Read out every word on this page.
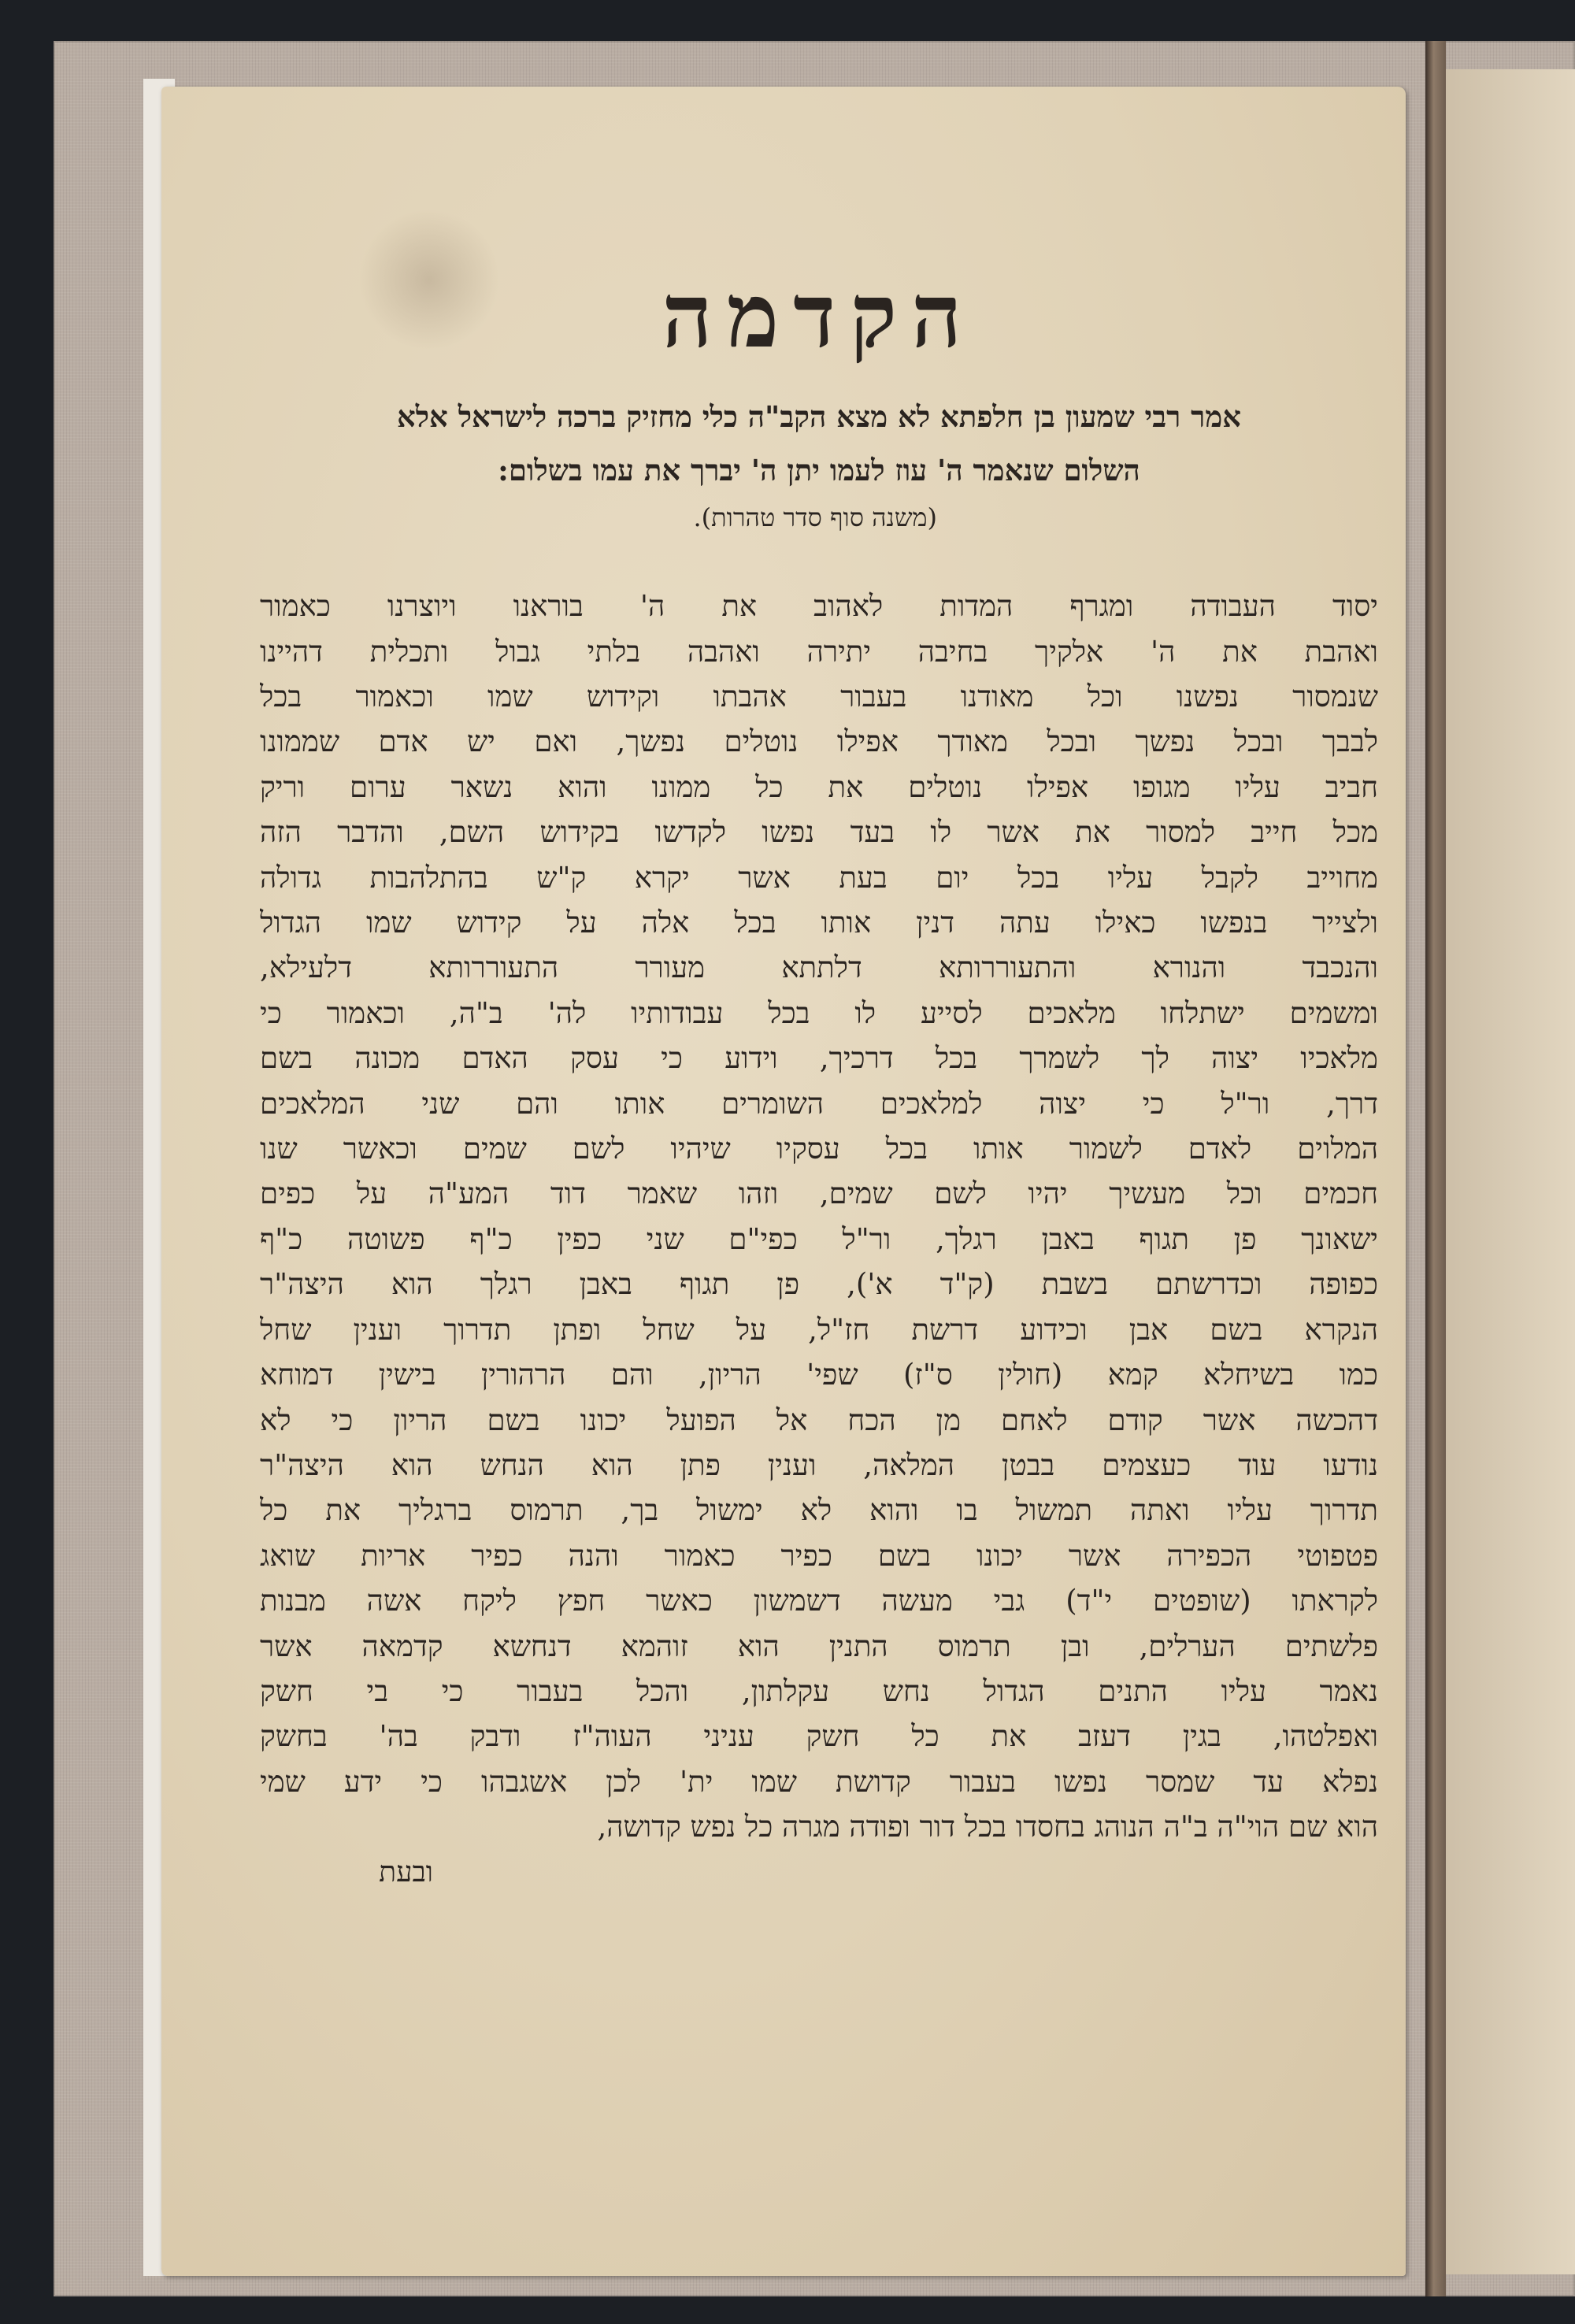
הקדמה
אמר רבי שמעון בן חלפתא לא מצא הקב"ה כלי מחזיק ברכה לישראל אלא
השלום שנאמר ה' עוז לעמו יתן ה' יברך את עמו בשלום:
(משנה סוף סדר טהרות).
יסוד העבודה ומגרף המדות לאהוב את ה' בוראנו ויוצרנו כאמור
ואהבת את ה' אלקיך בחיבה יתירה ואהבה בלתי גבול ותכלית דהיינו
שנמסור נפשנו וכל מאודנו בעבור אהבתו וקידוש שמו וכאמור בכל
לבבך ובכל נפשך ובכל מאודך אפילו נוטלים נפשך, ואם יש אדם שממונו
חביב עליו מגופו אפילו נוטלים את כל ממונו והוא נשאר ערום וריק
מכל חייב למסור את אשר לו בעד נפשו לקדשו בקידוש השם, והדבר הזה
מחוייב לקבל עליו בכל יום בעת אשר יקרא ק"ש בהתלהבות גדולה
ולצייר בנפשו כאילו עתה דנין אותו בכל אלה על קידוש שמו הגדול
והנכבד והנורא והתעוררותא דלתתא מעורר התעוררותא דלעילא,
ומשמים ישתלחו מלאכים לסייע לו בכל עבודותיו לה' ב"ה, וכאמור כי
מלאכיו יצוה לך לשמרך בכל דרכיך, וידוע כי עסק האדם מכונה בשם
דרך, ור"ל כי יצוה למלאכים השומרים אותו והם שני המלאכים
המלוים לאדם לשמור אותו בכל עסקיו שיהיו לשם שמים וכאשר שנו
חכמים וכל מעשיך יהיו לשם שמים, וזהו שאמר דוד המע"ה על כפים
ישאונך פן תגוף באבן רגלך, ור"ל כפי"ם שני כפין כ"ף פשוטה כ"ף
כפופה וכדרשתם בשבת (ק"ד א'), פן תגוף באבן רגלך הוא היצה"ר
הנקרא בשם אבן וכידוע דרשת חז"ל, על שחל ופתן תדרוך וענין שחל
כמו בשיחלא קמא (חולין ס"ז) שפי' הריון, והם הרהורין בישין דמוחא
דהכשה אשר קודם לאחם מן הכח אל הפועל יכונו בשם הריון כי לא
נודעו עוד כעצמים בבטן המלאה, וענין פתן הוא הנחש הוא היצה"ר
תדרוך עליו ואתה תמשול בו והוא לא ימשול בך, תרמוס ברגליך את כל
פטפוטי הכפירה אשר יכונו בשם כפיר כאמור והנה כפיר אריות שואג
לקראתו (שופטים י"ד) גבי מעשה דשמשון כאשר חפץ ליקח אשה מבנות
פלשתים הערלים, ובן תרמוס התנין הוא זוהמא דנחשא קדמאה אשר
נאמר עליו התנים הגדול נחש עקלתון, והכל בעבור כי בי חשק
ואפלטהו, בגין דעזב את כל חשק עניני העוה"ז ודבק בה' בחשק
נפלא עד שמסר נפשו בעבור קדושת שמו ית' לכן אשגבהו כי ידע שמי
הוא שם הוי"ה ב"ה הנוהג בחסדו בכל דור ופודה מגרה כל נפש קדושה,
ובעת
